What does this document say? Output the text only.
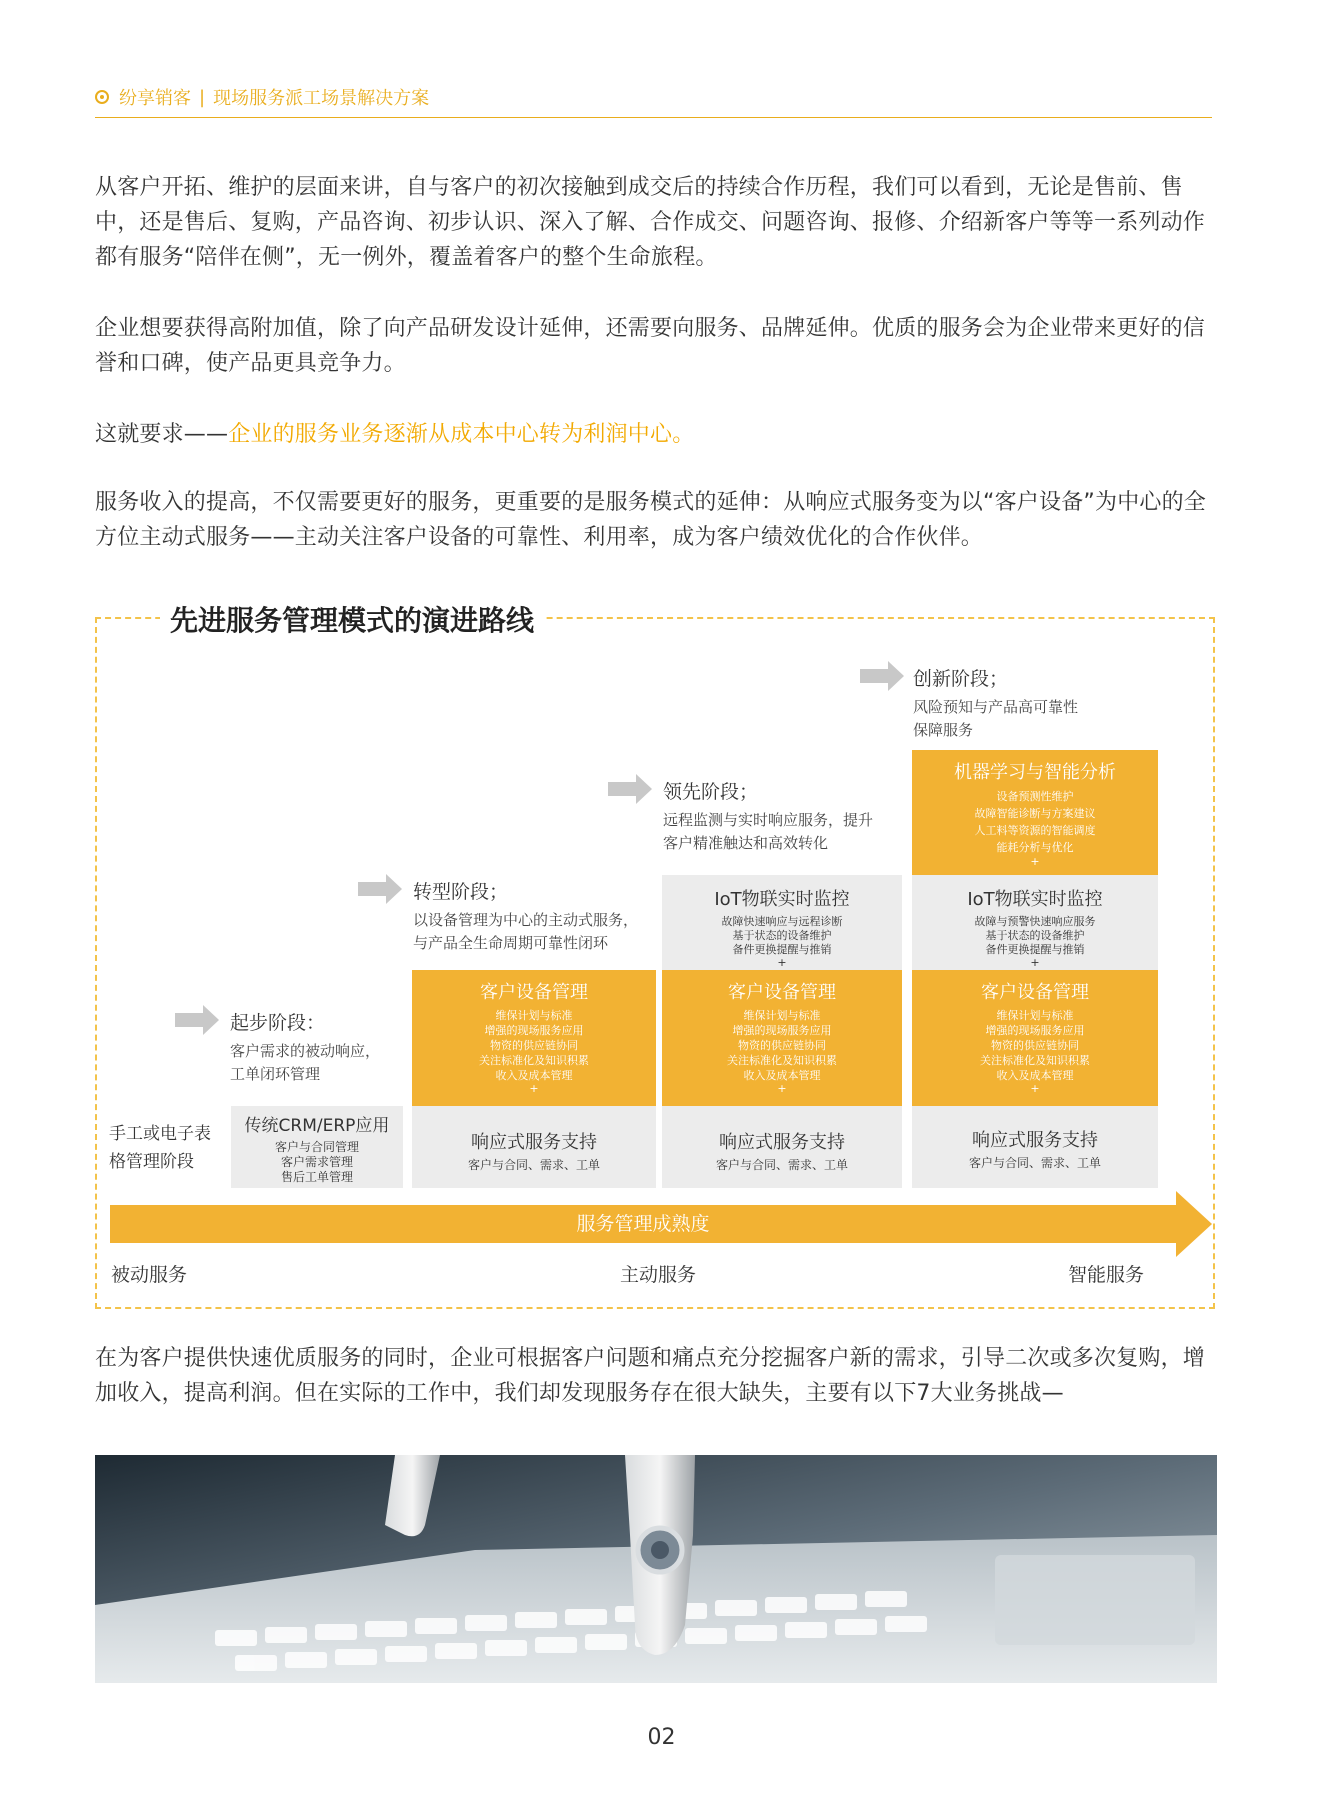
纷享销客 | 现场服务派工场景解决方案
从客户开拓、维护的层面来讲，自与客户的初次接触到成交后的持续合作历程，我们可以看到，无论是售前、售中，还是售后、复购，产品咨询、初步认识、深入了解、合作成交、问题咨询、报修、介绍新客户等等一系列动作都有服务“陪伴在侧”，无一例外，覆盖着客户的整个生命旅程。
企业想要获得高附加值，除了向产品研发设计延伸，还需要向服务、品牌延伸。优质的服务会为企业带来更好的信誉和口碑，使产品更具竞争力。
这就要求——企业的服务业务逐渐从成本中心转为利润中心。
服务收入的提高，不仅需要更好的服务，更重要的是服务模式的延伸：从响应式服务变为以“客户设备”为中心的全方位主动式服务——主动关注客户设备的可靠性、利用率，成为客户绩效优化的合作伙伴。
先进服务管理模式的演进路线
起步阶段：
客户需求的被动响应，
工单闭环管理
转型阶段；
以设备管理为中心的主动式服务，
与产品全生命周期可靠性闭环
领先阶段；
远程监测与实时响应服务，提升
客户精准触达和高效转化
创新阶段；
风险预知与产品高可靠性
保障服务
手工或电子表格管理阶段
传统CRM/ERP应用
客户与合同管理
客户需求管理
售后工单管理
客户设备管理
维保计划与标准
增强的现场服务应用
物资的供应链协同
关注标准化及知识积累
收入及成本管理
+
响应式服务支持
客户与合同、需求、工单
IoT物联实时监控
故障快速响应与远程诊断
基于状态的设备维护
备件更换提醒与推销
+
客户设备管理
维保计划与标准
增强的现场服务应用
物资的供应链协同
关注标准化及知识积累
收入及成本管理
+
响应式服务支持
客户与合同、需求、工单
机器学习与智能分析
设备预测性维护
故障智能诊断与方案建议
人工料等资源的智能调度
能耗分析与优化
+
IoT物联实时监控
故障与预警快速响应服务
基于状态的设备维护
备件更换提醒与推销
+
客户设备管理
维保计划与标准
增强的现场服务应用
物资的供应链协同
关注标准化及知识积累
收入及成本管理
+
响应式服务支持
客户与合同、需求、工单
服务管理成熟度
被动服务	主动服务	智能服务
在为客户提供快速优质服务的同时，企业可根据客户问题和痛点充分挖掘客户新的需求，引导二次或多次复购，增加收入，提高利润。但在实际的工作中，我们却发现服务存在很大缺失，主要有以下7大业务挑战—
02
